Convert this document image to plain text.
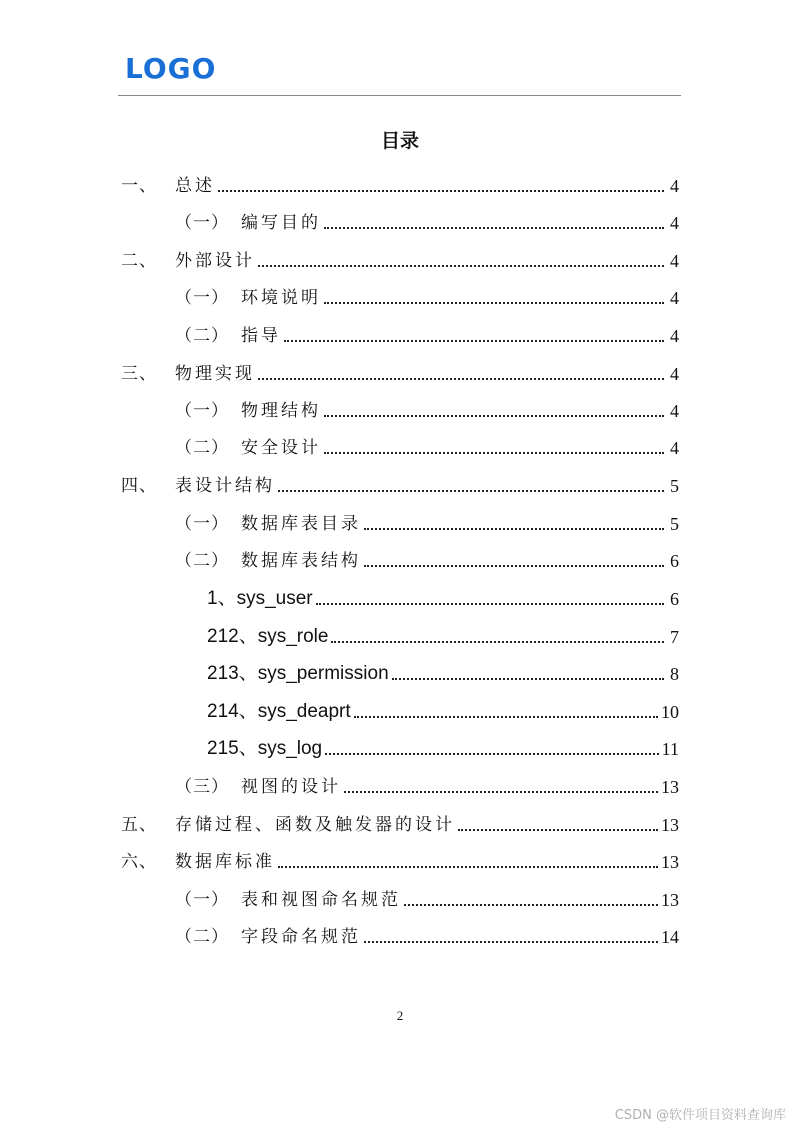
LOGO
目录
一、	总述	4
（一） 编写目的	4
二、	外部设计	4
（一） 环境说明	4
（二） 指导	4
三、	物理实现	4
（一） 物理结构	4
（二） 安全设计	4
四、	表设计结构	5
（一） 数据库表目录	5
（二） 数据库表结构	6
1、sys_user	6
212、sys_role	7
213、sys_permission	8
214、sys_deaprt	10
215、sys_log	11
（三） 视图的设计	13
五、	存储过程、函数及触发器的设计	13
六、	数据库标准	13
（一） 表和视图命名规范	13
（二） 字段命名规范	14
2
CSDN @软件项目资料查询库
